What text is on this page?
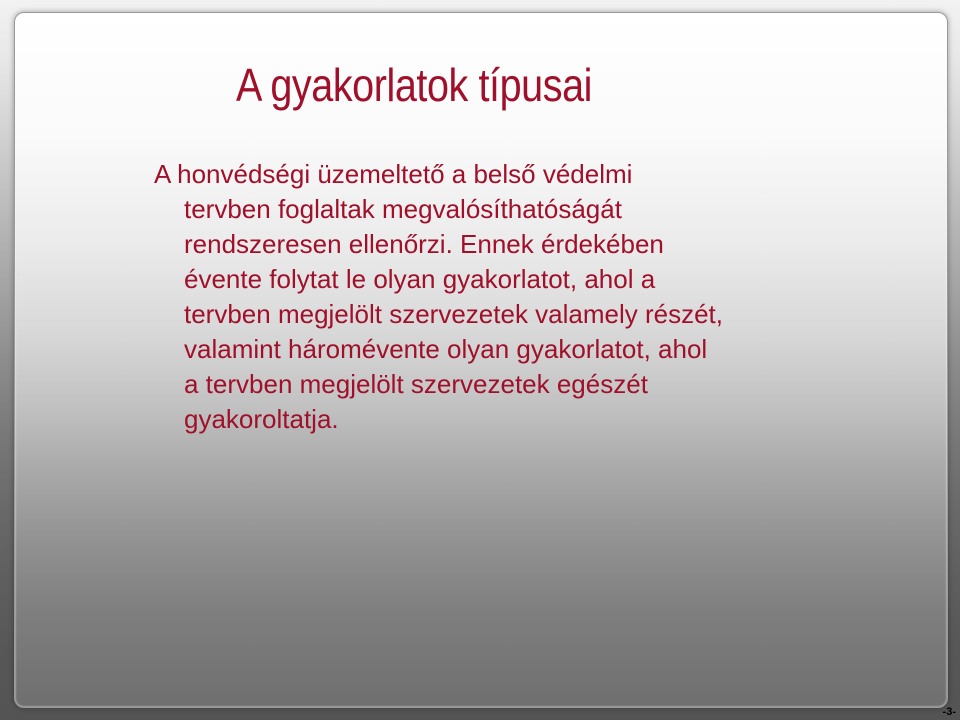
A gyakorlatok típusai

A honvédségi üzemeltető a belső védelmi
tervben foglaltak megvalósíthatóságát
rendszeresen ellenőrzi. Ennek érdekében
évente folytat le olyan gyakorlatot, ahol a
tervben megjelölt szervezetek valamely részét,
valamint háromévente olyan gyakorlatot, ahol
a tervben megjelölt szervezetek egészét
gyakoroltatja.

-3-
